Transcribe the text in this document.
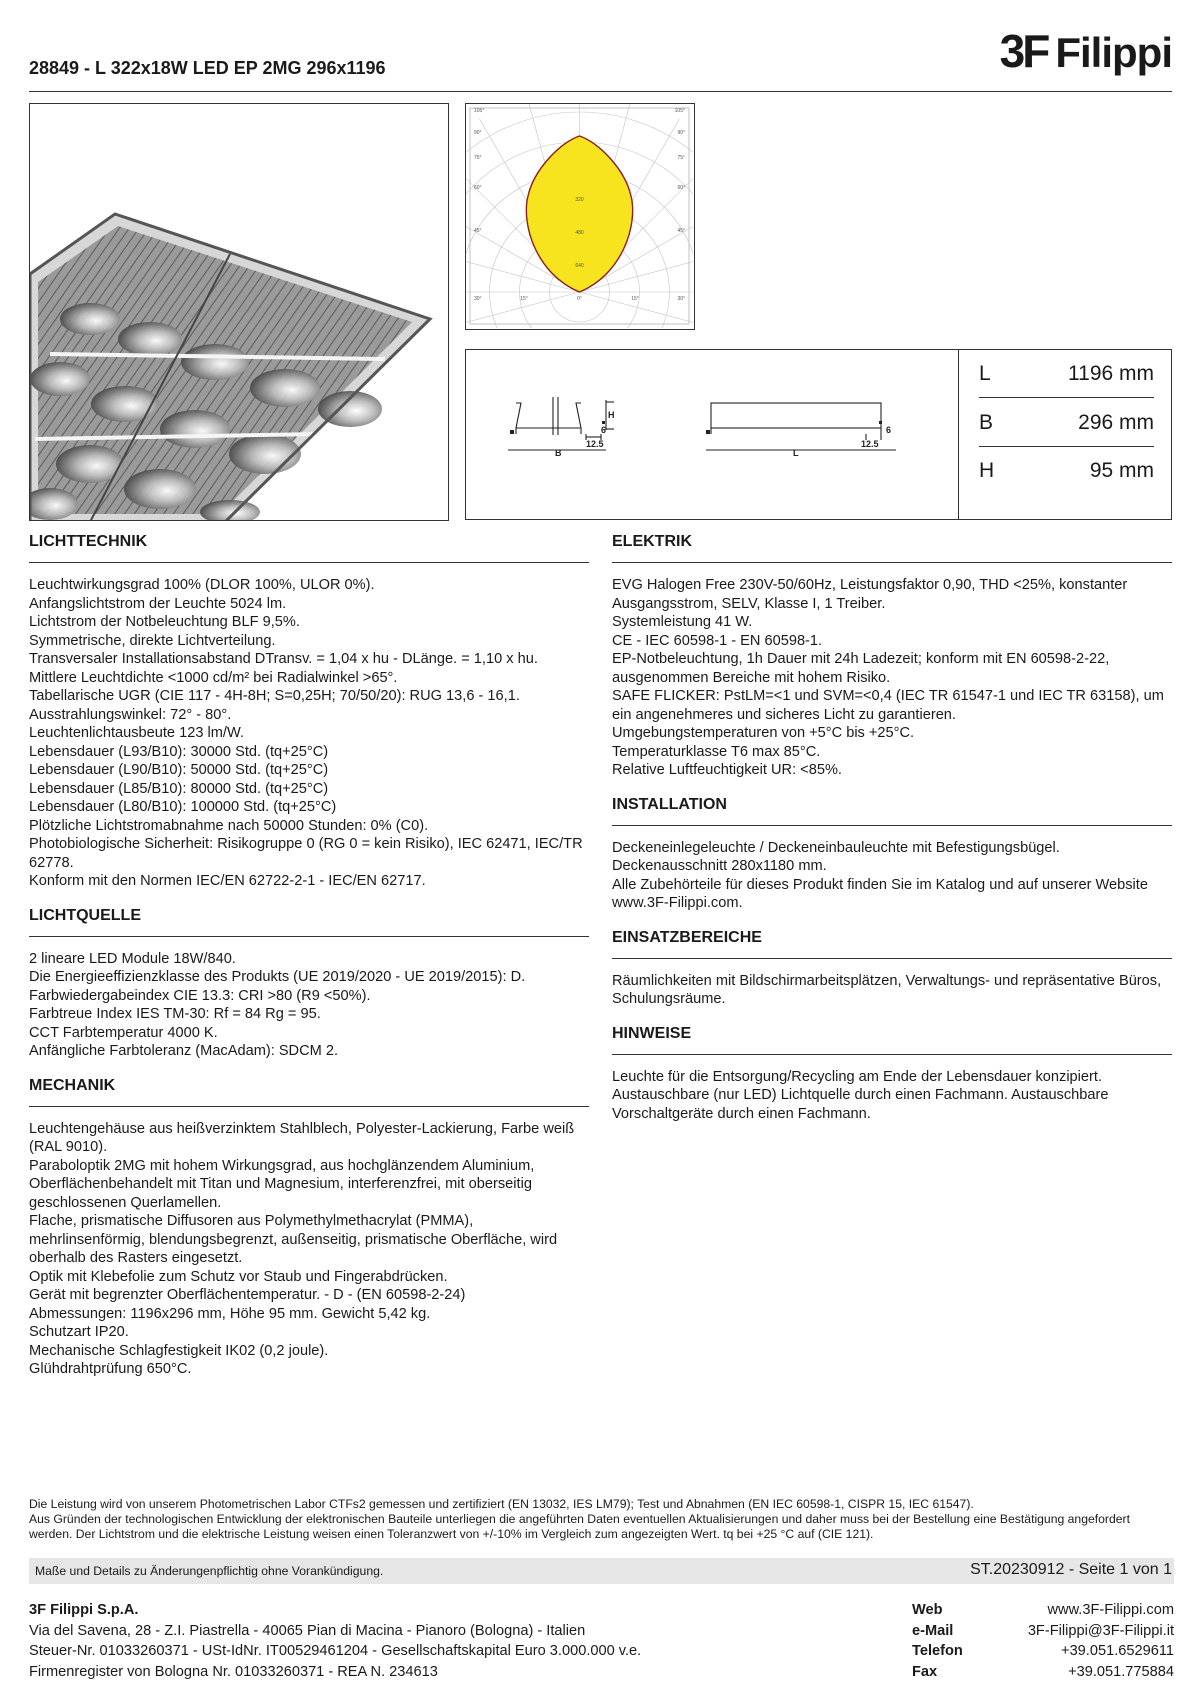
28849 - L 322x18W LED EP 2MG 296x1196	3F Filippi
105°	105°
90°	90°
75°	75°
60°	60°
45°	45°
30°	15°	0°	15°	30°
320
480
640
H
6
12.5
B
6
12.5
L
L	1196 mm
B	296 mm
H	95 mm
LICHTTECHNIK

Leuchtwirkungsgrad 100% (DLOR 100%, ULOR 0%).

Anfangslichtstrom der Leuchte 5024 lm.

Lichtstrom der Notbeleuchtung BLF 9,5%.

Symmetrische, direkte Lichtverteilung.

Transversaler Installationsabstand DTransv. = 1,04 x hu - DLänge. = 1,10 x hu.

Mittlere Leuchtdichte <1000 cd/m² bei Radialwinkel >65°.

Tabellarische UGR (CIE 117 - 4H-8H; S=0,25H; 70/50/20): RUG 13,6 - 16,1.

Ausstrahlungswinkel: 72° - 80°.

Leuchtenlichtausbeute 123 lm/W.

Lebensdauer (L93/B10): 30000 Std. (tq+25°C)

Lebensdauer (L90/B10): 50000 Std. (tq+25°C)

Lebensdauer (L85/B10): 80000 Std. (tq+25°C)

Lebensdauer (L80/B10): 100000 Std. (tq+25°C)

Plötzliche Lichtstromabnahme nach 50000 Stunden: 0% (C0).

Photobiologische Sicherheit: Risikogruppe 0 (RG 0 = kein Risiko), IEC 62471, IEC/TR 62778.

Konform mit den Normen IEC/EN 62722-2-1 - IEC/EN 62717.

LICHTQUELLE

2 lineare LED Module 18W/840.

Die Energieeffizienzklasse des Produkts (UE 2019/2020 - UE 2019/2015): D.

Farbwiedergabeindex CIE 13.3: CRI >80 (R9 <50%).

Farbtreue Index IES TM-30: Rf = 84 Rg = 95.

CCT Farbtemperatur 4000 K.

Anfängliche Farbtoleranz (MacAdam): SDCM 2.

MECHANIK

Leuchtengehäuse aus heißverzinktem Stahlblech, Polyester-Lackierung, Farbe weiß (RAL 9010).

Paraboloptik 2MG mit hohem Wirkungsgrad, aus hochglänzendem Aluminium, Oberflächenbehandelt mit Titan und Magnesium, interferenzfrei, mit oberseitig geschlossenen Querlamellen.

Flache, prismatische Diffusoren aus Polymethylmethacrylat (PMMA), mehrlinsenförmig, blendungsbegrenzt, außenseitig, prismatische Oberfläche, wird oberhalb des Rasters eingesetzt.

Optik mit Klebefolie zum Schutz vor Staub und Fingerabdrücken.

Gerät mit begrenzter Oberflächentemperatur. - D - (EN 60598-2-24)

Abmessungen: 1196x296 mm, Höhe 95 mm. Gewicht 5,42 kg.

Schutzart IP20.

Mechanische Schlagfestigkeit IK02 (0,2 joule).

Glühdrahtprüfung 650°C.

ELEKTRIK

EVG Halogen Free 230V-50/60Hz, Leistungsfaktor 0,90, THD <25%, konstanter Ausgangsstrom, SELV, Klasse I, 1 Treiber.

Systemleistung 41 W.

CE - IEC 60598-1 - EN 60598-1.

EP-Notbeleuchtung, 1h Dauer mit 24h Ladezeit; konform mit EN 60598-2-22, ausgenommen Bereiche mit hohem Risiko.

SAFE FLICKER: PstLM=<1 und SVM=<0,4 (IEC TR 61547-1 und IEC TR 63158), um ein angenehmeres und sicheres Licht zu garantieren.

Umgebungstemperaturen von +5°C bis +25°C.

Temperaturklasse T6 max 85°C.

Relative Luftfeuchtigkeit UR: <85%.

INSTALLATION

Deckeneinlegeleuchte / Deckeneinbauleuchte mit Befestigungsbügel.

Deckenausschnitt 280x1180 mm.

Alle Zubehörteile für dieses Produkt finden Sie im Katalog und auf unserer Website www.3F-Filippi.com.

EINSATZBEREICHE

Räumlichkeiten mit Bildschirmarbeitsplätzen, Verwaltungs- und repräsentative Büros, Schulungsräume.

HINWEISE

Leuchte für die Entsorgung/Recycling am Ende der Lebensdauer konzipiert.

Austauschbare (nur LED) Lichtquelle durch einen Fachmann. Austauschbare Vorschaltgeräte durch einen Fachmann.

Die Leistung wird von unserem Photometrischen Labor CTFs2 gemessen und zertifiziert (EN 13032, IES LM79); Test und Abnahmen (EN IEC 60598-1, CISPR 15, IEC 61547).

Aus Gründen der technologischen Entwicklung der elektronischen Bauteile unterliegen die angeführten Daten eventuellen Aktualisierungen und daher muss bei der Bestellung eine Bestätigung angefordert werden. Der Lichtstrom und die elektrische Leistung weisen einen Toleranzwert von +/-10% im Vergleich zum angezeigten Wert. tq bei +25 °C auf (CIE 121).

Maße und Details zu Änderungenpflichtig ohne Vorankündigung.	ST.20230912 - Seite 1 von 1
3F Filippi S.p.A.
Via del Savena, 28 - Z.I. Piastrella - 40065 Pian di Macina - Pianoro (Bologna) - Italien
Steuer-Nr. 01033260371 - USt-IdNr. IT00529461204 - Gesellschaftskapital Euro 3.000.000 v.e.
Firmenregister von Bologna Nr. 01033260371 - REA N. 234613
Web	www.3F-Filippi.com
e-Mail	3F-Filippi@3F-Filippi.it
Telefon	+39.051.6529611
Fax	+39.051.775884
